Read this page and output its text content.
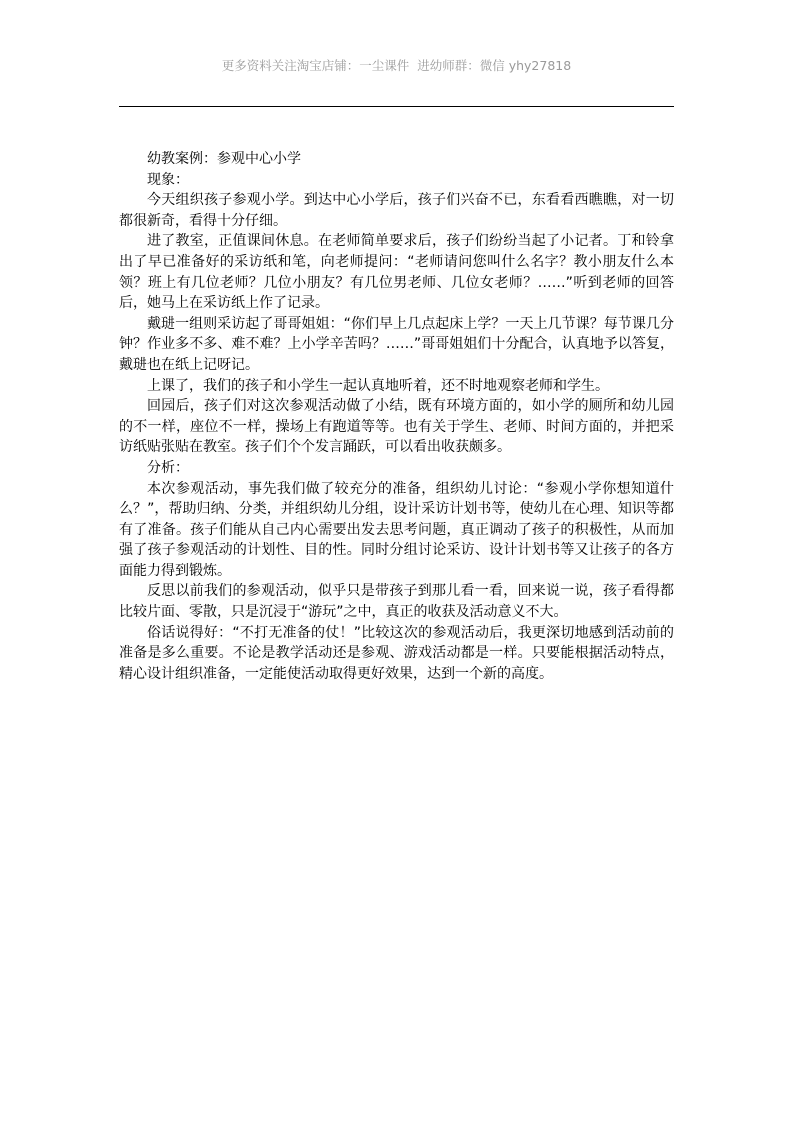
更多资料关注淘宝店铺：一尘课件  进幼师群：微信 yhy27818

幼教案例：参观中心小学

现象：

今天组织孩子参观小学。到达中心小学后，孩子们兴奋不已，东看看西瞧瞧，对一切都很新奇，看得十分仔细。

进了教室，正值课间休息。在老师简单要求后，孩子们纷纷当起了小记者。丁和铃拿出了早已准备好的采访纸和笔，向老师提问：“老师请问您叫什么名字？教小朋友什么本领？班上有几位老师？几位小朋友？有几位男老师、几位女老师？……”听到老师的回答后，她马上在采访纸上作了记录。

戴琎一组则采访起了哥哥姐姐：“你们早上几点起床上学？一天上几节课？每节课几分钟？作业多不多、难不难？上小学辛苦吗？……”哥哥姐姐们十分配合，认真地予以答复，戴琎也在纸上记呀记。

上课了，我们的孩子和小学生一起认真地听着，还不时地观察老师和学生。

回园后，孩子们对这次参观活动做了小结，既有环境方面的，如小学的厕所和幼儿园的不一样，座位不一样，操场上有跑道等等。也有关于学生、老师、时间方面的，并把采访纸贴张贴在教室。孩子们个个发言踊跃，可以看出收获颇多。

分析：

本次参观活动，事先我们做了较充分的准备，组织幼儿讨论：“参观小学你想知道什么？”，帮助归纳、分类，并组织幼儿分组，设计采访计划书等，使幼儿在心理、知识等都有了准备。孩子们能从自己内心需要出发去思考问题，真正调动了孩子的积极性，从而加强了孩子参观活动的计划性、目的性。同时分组讨论采访、设计计划书等又让孩子的各方面能力得到锻炼。

反思以前我们的参观活动，似乎只是带孩子到那儿看一看，回来说一说，孩子看得都比较片面、零散，只是沉浸于“游玩”之中，真正的收获及活动意义不大。

俗话说得好：“不打无准备的仗！”比较这次的参观活动后，我更深切地感到活动前的准备是多么重要。不论是教学活动还是参观、游戏活动都是一样。只要能根据活动特点，精心设计组织准备，一定能使活动取得更好效果，达到一个新的高度。
